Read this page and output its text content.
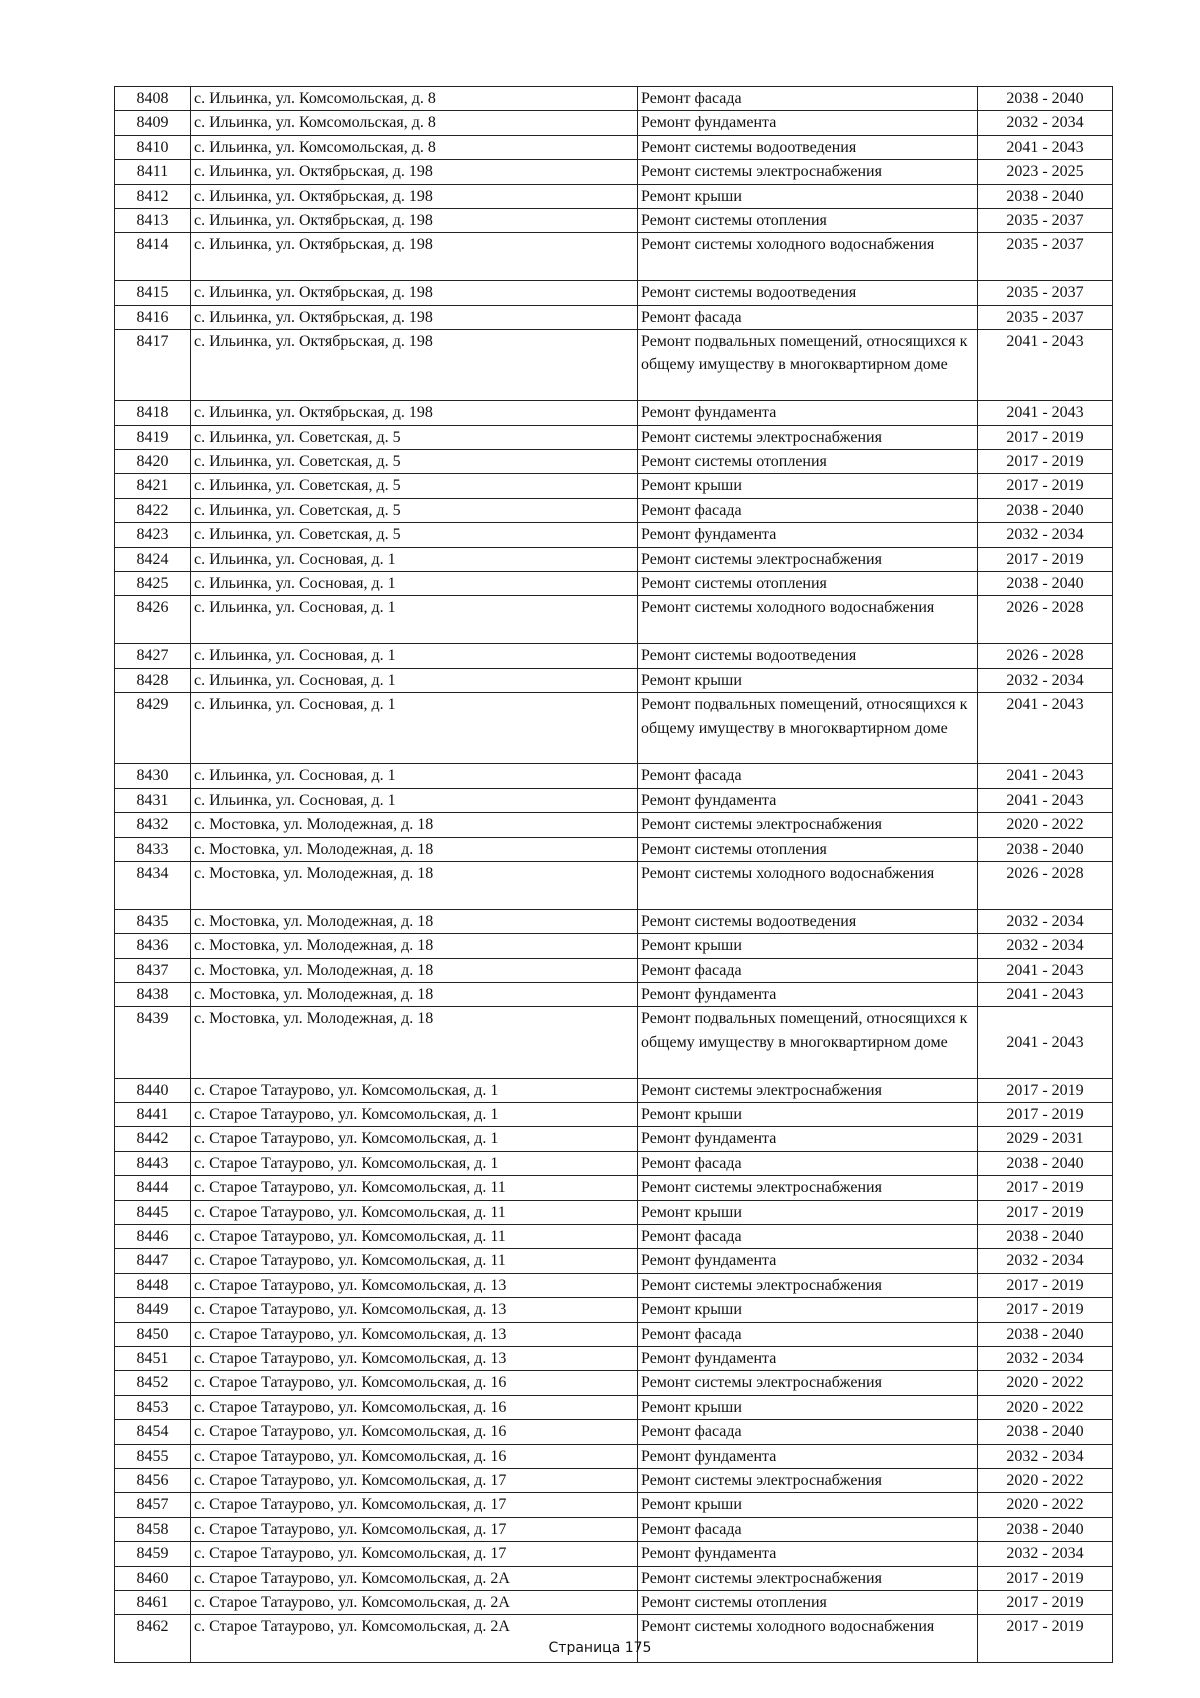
8408	с. Ильинка, ул. Комсомольская, д. 8	Ремонт фасада	2038 - 2040
8409	с. Ильинка, ул. Комсомольская, д. 8	Ремонт фундамента	2032 - 2034
8410	с. Ильинка, ул. Комсомольская, д. 8	Ремонт системы водоотведения	2041 - 2043
8411	с. Ильинка, ул. Октябрьская, д. 198	Ремонт системы электроснабжения	2023 - 2025
8412	с. Ильинка, ул. Октябрьская, д. 198	Ремонт крыши	2038 - 2040
8413	с. Ильинка, ул. Октябрьская, д. 198	Ремонт системы отопления	2035 - 2037
8414	с. Ильинка, ул. Октябрьская, д. 198	Ремонт системы холодного водоснабжения	2035 - 2037
8415	с. Ильинка, ул. Октябрьская, д. 198	Ремонт системы водоотведения	2035 - 2037
8416	с. Ильинка, ул. Октябрьская, д. 198	Ремонт фасада	2035 - 2037
8417	с. Ильинка, ул. Октябрьская, д. 198	Ремонт подвальных помещений, относящихся к общему имуществу в многоквартирном доме	2041 - 2043
8418	с. Ильинка, ул. Октябрьская, д. 198	Ремонт фундамента	2041 - 2043
8419	с. Ильинка, ул. Советская, д. 5	Ремонт системы электроснабжения	2017 - 2019
8420	с. Ильинка, ул. Советская, д. 5	Ремонт системы отопления	2017 - 2019
8421	с. Ильинка, ул. Советская, д. 5	Ремонт крыши	2017 - 2019
8422	с. Ильинка, ул. Советская, д. 5	Ремонт фасада	2038 - 2040
8423	с. Ильинка, ул. Советская, д. 5	Ремонт фундамента	2032 - 2034
8424	с. Ильинка, ул. Сосновая, д. 1	Ремонт системы электроснабжения	2017 - 2019
8425	с. Ильинка, ул. Сосновая, д. 1	Ремонт системы отопления	2038 - 2040
8426	с. Ильинка, ул. Сосновая, д. 1	Ремонт системы холодного водоснабжения	2026 - 2028
8427	с. Ильинка, ул. Сосновая, д. 1	Ремонт системы водоотведения	2026 - 2028
8428	с. Ильинка, ул. Сосновая, д. 1	Ремонт крыши	2032 - 2034
8429	с. Ильинка, ул. Сосновая, д. 1	Ремонт подвальных помещений, относящихся к общему имуществу в многоквартирном доме	2041 - 2043
8430	с. Ильинка, ул. Сосновая, д. 1	Ремонт фасада	2041 - 2043
8431	с. Ильинка, ул. Сосновая, д. 1	Ремонт фундамента	2041 - 2043
8432	с. Мостовка, ул. Молодежная, д. 18	Ремонт системы электроснабжения	2020 - 2022
8433	с. Мостовка, ул. Молодежная, д. 18	Ремонт системы отопления	2038 - 2040
8434	с. Мостовка, ул. Молодежная, д. 18	Ремонт системы холодного водоснабжения	2026 - 2028
8435	с. Мостовка, ул. Молодежная, д. 18	Ремонт системы водоотведения	2032 - 2034
8436	с. Мостовка, ул. Молодежная, д. 18	Ремонт крыши	2032 - 2034
8437	с. Мостовка, ул. Молодежная, д. 18	Ремонт фасада	2041 - 2043
8438	с. Мостовка, ул. Молодежная, д. 18	Ремонт фундамента	2041 - 2043
8439	с. Мостовка, ул. Молодежная, д. 18	Ремонт подвальных помещений, относящихся к общему имуществу в многоквартирном доме	2041 - 2043
8440	с. Старое Татаурово, ул. Комсомольская, д. 1	Ремонт системы электроснабжения	2017 - 2019
8441	с. Старое Татаурово, ул. Комсомольская, д. 1	Ремонт крыши	2017 - 2019
8442	с. Старое Татаурово, ул. Комсомольская, д. 1	Ремонт фундамента	2029 - 2031
8443	с. Старое Татаурово, ул. Комсомольская, д. 1	Ремонт фасада	2038 - 2040
8444	с. Старое Татаурово, ул. Комсомольская, д. 11	Ремонт системы электроснабжения	2017 - 2019
8445	с. Старое Татаурово, ул. Комсомольская, д. 11	Ремонт крыши	2017 - 2019
8446	с. Старое Татаурово, ул. Комсомольская, д. 11	Ремонт фасада	2038 - 2040
8447	с. Старое Татаурово, ул. Комсомольская, д. 11	Ремонт фундамента	2032 - 2034
8448	с. Старое Татаурово, ул. Комсомольская, д. 13	Ремонт системы электроснабжения	2017 - 2019
8449	с. Старое Татаурово, ул. Комсомольская, д. 13	Ремонт крыши	2017 - 2019
8450	с. Старое Татаурово, ул. Комсомольская, д. 13	Ремонт фасада	2038 - 2040
8451	с. Старое Татаурово, ул. Комсомольская, д. 13	Ремонт фундамента	2032 - 2034
8452	с. Старое Татаурово, ул. Комсомольская, д. 16	Ремонт системы электроснабжения	2020 - 2022
8453	с. Старое Татаурово, ул. Комсомольская, д. 16	Ремонт крыши	2020 - 2022
8454	с. Старое Татаурово, ул. Комсомольская, д. 16	Ремонт фасада	2038 - 2040
8455	с. Старое Татаурово, ул. Комсомольская, д. 16	Ремонт фундамента	2032 - 2034
8456	с. Старое Татаурово, ул. Комсомольская, д. 17	Ремонт системы электроснабжения	2020 - 2022
8457	с. Старое Татаурово, ул. Комсомольская, д. 17	Ремонт крыши	2020 - 2022
8458	с. Старое Татаурово, ул. Комсомольская, д. 17	Ремонт фасада	2038 - 2040
8459	с. Старое Татаурово, ул. Комсомольская, д. 17	Ремонт фундамента	2032 - 2034
8460	с. Старое Татаурово, ул. Комсомольская, д. 2А	Ремонт системы электроснабжения	2017 - 2019
8461	с. Старое Татаурово, ул. Комсомольская, д. 2А	Ремонт системы отопления	2017 - 2019
8462	с. Старое Татаурово, ул. Комсомольская, д. 2А	Ремонт системы холодного водоснабжения	2017 - 2019
Страница 175
